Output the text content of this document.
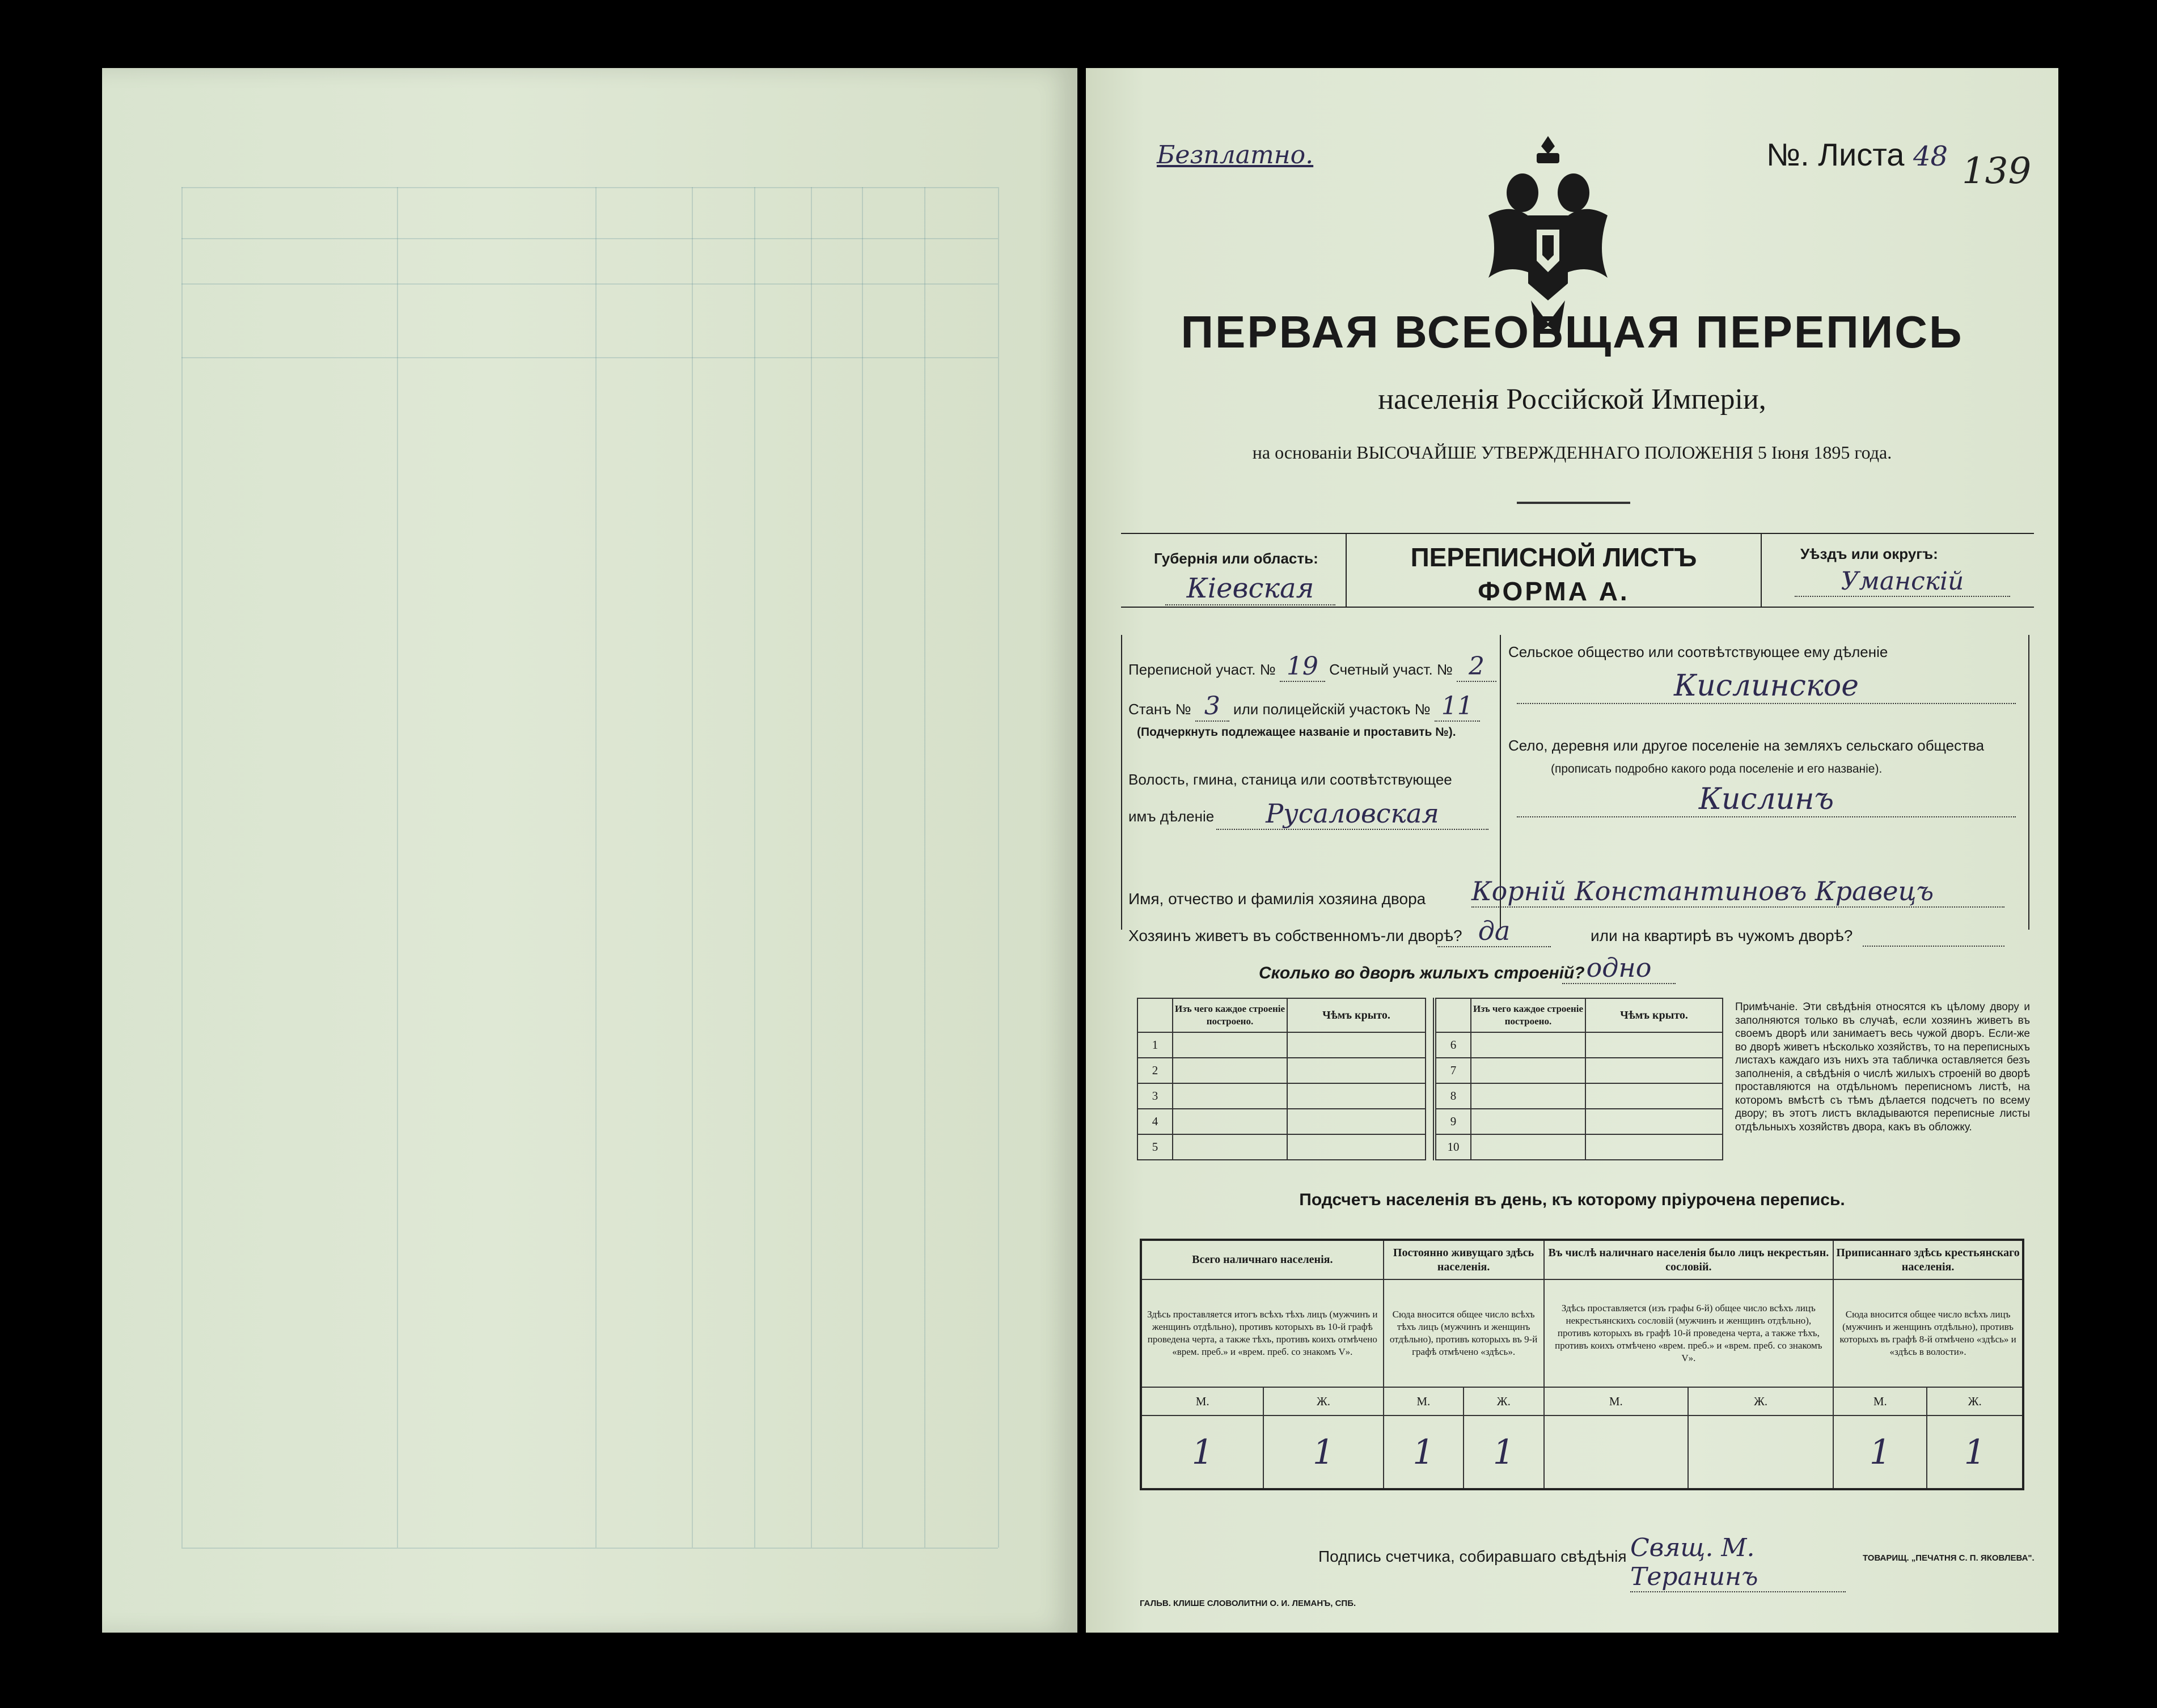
Безплатно.	№. Листа 48 139
ПЕРВАЯ ВСЕОБЩАЯ ПЕРЕПИСЬ
населенія Россійской Имперіи,
на основаніи ВЫСОЧАЙШЕ УТВЕРЖДЕННАГО ПОЛОЖЕНІЯ 5 Іюня 1895 года.
Губернія или область:
Кіевская
ПЕРЕПИСНОЙ ЛИСТЪ
ФОРМА А.
Уѣздъ или округъ:
Уманскій
Переписной участ. № 19 Счетный участ. № 2
Станъ № 3 или полицейскій участокъ № 11
(Подчеркнуть подлежащее названіе и проставить №).
Волость, гмина, станица или соотвѣтствующее
имъ дѣленіе	Русаловская
Сельское общество или соотвѣтствующее ему дѣленіе
Кислинское
Село, деревня или другое поселеніе на земляхъ сельскаго общества
(прописать подробно какого рода поселеніе и его названіе).
Кислинъ
Имя, отчество и фамилія хозяина двора Корній Константиновъ Кравецъ
Хозяинъ живетъ въ собственномъ-ли дворѣ? да	или на квартирѣ въ чужомъ дворѣ?
Сколько во дворѣ жилыхъ строеній? одно
	Изъ чего каждое строеніе построено.	Чѣмъ крыто.
1		
2		
3		
4		
5		
	Изъ чего каждое строеніе построено.	Чѣмъ крыто.
6		
7		
8		
9		
10		
Примѣчаніе. Эти свѣдѣнія относятся къ цѣлому двору и заполняются только въ случаѣ, если хозяинъ живетъ въ своемъ дворѣ или занимаетъ весь чужой дворъ. Если-же во дворѣ живетъ нѣсколько хозяйствъ, то на переписныхъ листахъ каждаго изъ нихъ эта табличка оставляется безъ заполненія, а свѣдѣнія о числѣ жилыхъ строеній во дворѣ проставляются на отдѣльномъ переписномъ листѣ, на которомъ вмѣстѣ съ тѣмъ дѣлается подсчетъ по всему двору; въ этотъ листъ вкладываются переписные листы отдѣльныхъ хозяйствъ двора, какъ въ обложку.
Подсчетъ населенія въ день, къ которому пріурочена перепись.
Всего наличнаго населенія.		Постоянно живущаго здѣсь населенія.		Въ числѣ наличнаго населенія было лицъ некрестьян. сословій.		Приписаннаго здѣсь крестьянскаго населенія.	
Здѣсь проставляется итогъ всѣхъ тѣхъ лицъ (мужчинъ и женщинъ отдѣльно), противъ которыхъ въ 10-й графѣ проведена черта, а также тѣхъ, противъ коихъ отмѣчено «врем. преб.» и «врем. преб. со знакомъ V».		Сюда вносится общее число всѣхъ тѣхъ лицъ (мужчинъ и женщинъ отдѣльно), противъ которыхъ въ 9-й графѣ отмѣчено «здѣсь».		Здѣсь проставляется (изъ графы 6-й) общее число всѣхъ лицъ некрестьянскихъ сословій (мужчинъ и женщинъ отдѣльно), противъ которыхъ въ графѣ 10-й проведена черта, а также тѣхъ, противъ коихъ отмѣчено «врем. преб.» и «врем. преб. со знакомъ V».		Сюда вносится общее число всѣхъ лицъ (мужчинъ и женщинъ отдѣльно), противъ которыхъ въ графѣ 8-й отмѣчено «здѣсь» и «здѣсь в волости».	
М.	Ж.	М.	Ж.	М.	Ж.	М.	Ж.
1	1	1	1			1	1
Подпись счетчика, собиравшаго свѣдѣнія Свящ. М. Теранинъ
ГАЛЬВ. КЛИШЕ СЛОВОЛИТНИ О. И. ЛЕМАНЪ, СПБ.
ТОВАРИЩ. „ПЕЧАТНЯ С. П. ЯКОВЛЕВА".
